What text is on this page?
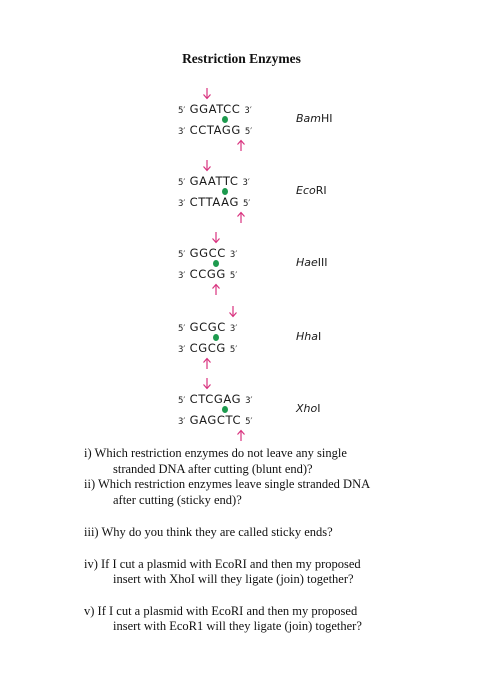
Restriction Enzymes
5′ GGATCC 3′
3′ CCTAGG 5′
BamHI
5′ GAATTC 3′
3′ CTTAAG 5′
EcoRI
5′ GGCC 3′
3′ CCGG 5′
HaeIII
5′ GCGC 3′
3′ CGCG 5′
HhaI
5′ CTCGAG 3′
3′ GAGCTC 5′
XhoI

i) Which restriction enzymes do not leave any single
stranded DNA after cutting (blunt end)?

ii) Which restriction enzymes leave single stranded DNA
after cutting (sticky end)?

iii) Why do you think they are called sticky ends?

iv) If I cut a plasmid with EcoRI and then my proposed
insert with XhoI will they ligate (join) together?

v) If I cut a plasmid with EcoRI and then my proposed
insert with EcoR1 will they ligate (join) together?
